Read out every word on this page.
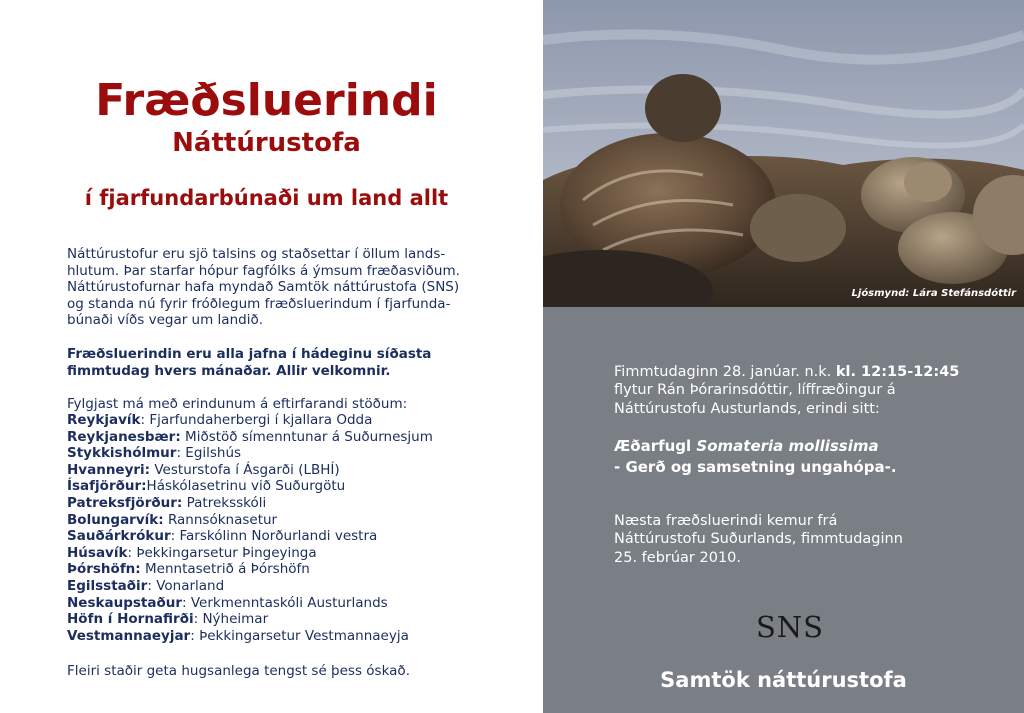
Fræðsluerindi
Náttúrustofa
í fjarfundarbúnaði um land allt
Náttúrustofur eru sjö talsins og staðsettar í öllum lands-
hlutum. Þar starfar hópur fagfólks á ýmsum fræðasviðum.
Náttúrustofurnar hafa myndað Samtök náttúrustofa (SNS)
og standa nú fyrir fróðlegum fræðsluerindum í fjarfunda-
búnaði víðs vegar um landið.
Fræðsluerindin eru alla jafna í hádeginu síðasta
fimmtudag hvers mánaðar. Allir velkomnir.
Fylgjast má með erindunum á eftirfarandi stöðum:
Reykjavík: Fjarfundaherbergi í kjallara Odda
Reykjanesbær: Miðstöð símenntunar á Suðurnesjum
Stykkishólmur: Egilshús
Hvanneyri: Vesturstofa í Ásgarði (LBHÍ)
Ísafjörður:Háskólasetrinu við Suðurgötu
Patreksfjörður: Patreksskóli
Bolungarvík: Rannsóknasetur
Sauðárkrókur: Farskólinn Norðurlandi vestra
Húsavík: Þekkingarsetur Þingeyinga
Þórshöfn: Menntasetrið á Þórshöfn
Egilsstaðir: Vonarland
Neskaupstaður: Verkmenntaskóli Austurlands
Höfn í Hornafirði: Nýheimar
Vestmannaeyjar: Þekkingarsetur Vestmannaeyja
Fleiri staðir geta hugsanlega tengst sé þess óskað.
Ljósmynd: Lára Stefánsdóttir
Fimmtudaginn 28. janúar. n.k. kl. 12:15-12:45
flytur Rán Þórarinsdóttir, líffræðingur á
Náttúrustofu Austurlands, erindi sitt:
Æðarfugl Somateria mollissima
- Gerð og samsetning ungahópa-.
Næsta fræðsluerindi kemur frá
Náttúrustofu Suðurlands, fimmtudaginn
25. febrúar 2010.
SNS
Samtök náttúrustofa
